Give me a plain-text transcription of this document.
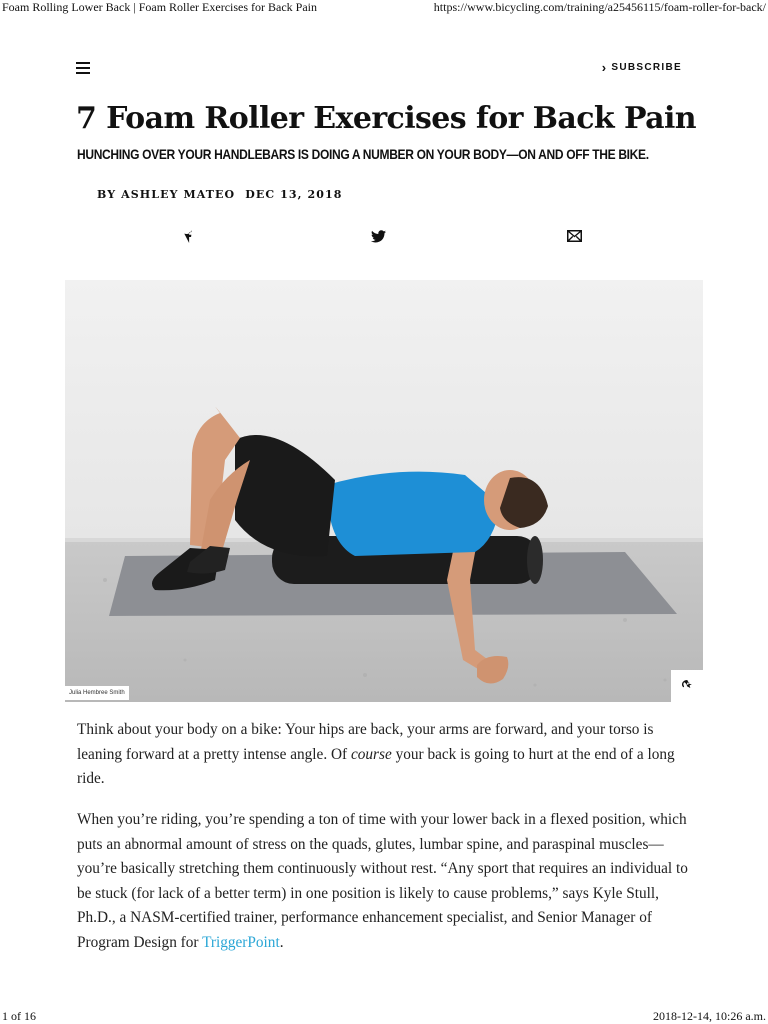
Foam Rolling Lower Back | Foam Roller Exercises for Back Pain	https://www.bicycling.com/training/a25456115/foam-roller-for-back/
› SUBSCRIBE
7 Foam Roller Exercises for Back Pain
HUNCHING OVER YOUR HANDLEBARS IS DOING A NUMBER ON YOUR BODY—ON AND OFF THE BIKE.
BY ASHLEY MATEO DEC 13, 2018
Julia Hembree Smith

Think about your body on a bike: Your hips are back, your arms are forward, and your torso is leaning forward at a pretty intense angle. Of course your back is going to hurt at the end of a long ride.

When you’re riding, you’re spending a ton of time with your lower back in a flexed position, which puts an abnormal amount of stress on the quads, glutes, lumbar spine, and paraspinal muscles—you’re basically stretching them continuously without rest. “Any sport that requires an individual to be stuck (for lack of a better term) in one position is likely to cause problems,” says Kyle Stull, Ph.D., a NASM-certified trainer, performance enhancement specialist, and Senior Manager of Program Design for TriggerPoint.

1 of 16	2018-12-14, 10:26 a.m.
